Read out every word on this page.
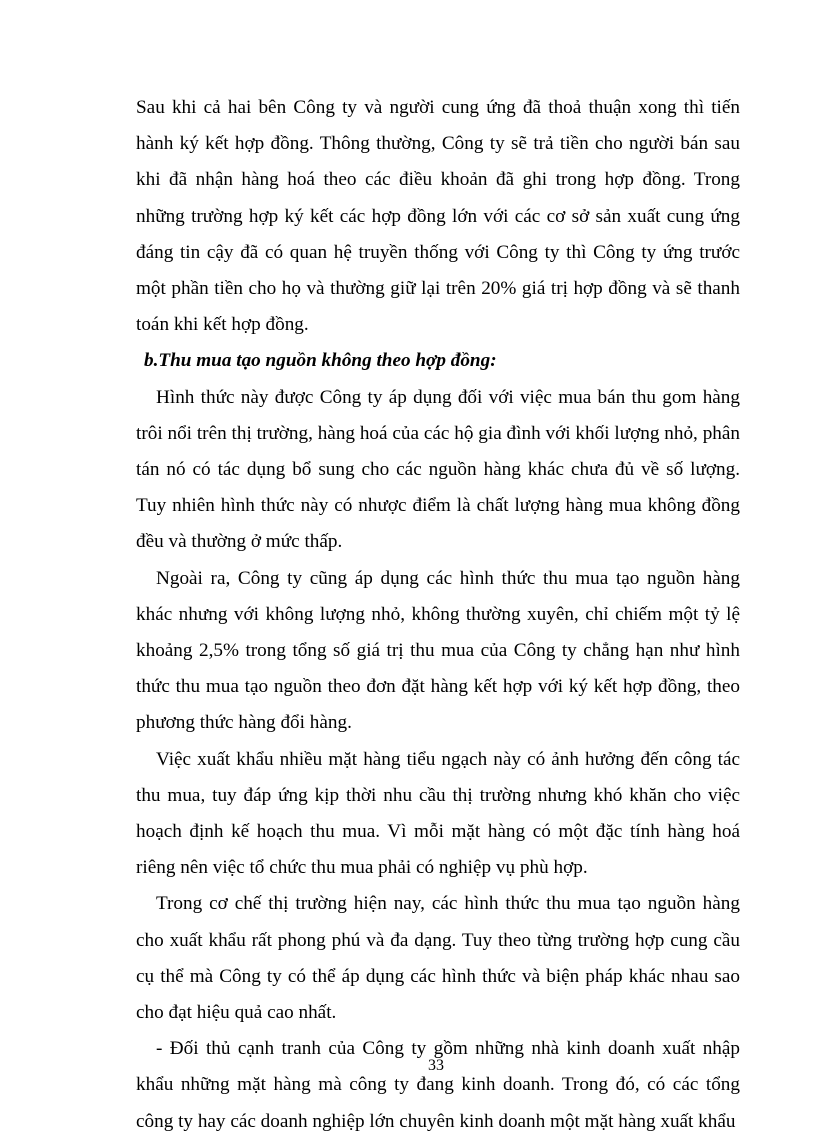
Sau khi cả hai bên Công ty và người cung ứng đã thoả thuận xong thì tiến hành ký kết hợp đồng. Thông thường, Công ty sẽ trả tiền cho người bán sau khi đã nhận hàng hoá theo các điều khoản đã ghi trong hợp đồng. Trong những trường hợp ký kết các hợp đồng lớn với các cơ sở sản xuất cung ứng đáng tin cậy đã có quan hệ truyền thống với Công ty thì Công ty ứng trước một phần tiền cho họ và thường giữ lại trên 20% giá trị hợp đồng và sẽ thanh toán khi kết hợp đồng.

b.Thu mua tạo nguồn không theo hợp đồng:

Hình thức này được Công ty áp dụng đối với việc mua bán thu gom hàng trôi nổi trên thị trường, hàng hoá của các hộ gia đình với khối lượng nhỏ, phân tán nó có tác dụng bổ sung cho các nguồn hàng khác chưa đủ về số lượng. Tuy nhiên hình thức này có nhược điểm là chất lượng hàng mua không đồng đều và thường ở mức thấp.

Ngoài ra, Công ty cũng áp dụng các hình thức thu mua tạo nguồn hàng khác nhưng với không lượng nhỏ, không thường xuyên, chỉ chiếm một tỷ lệ khoảng 2,5% trong tổng số giá trị thu mua của Công ty chẳng hạn như hình thức thu mua tạo nguồn theo đơn đặt hàng kết hợp với ký kết hợp đồng, theo phương thức hàng đổi hàng.

Việc xuất khẩu nhiều mặt hàng tiểu ngạch này có ảnh hưởng đến công tác thu mua, tuy đáp ứng kịp thời nhu cầu thị trường nhưng khó khăn cho việc hoạch định kế hoạch thu mua. Vì mỗi mặt hàng có một đặc tính hàng hoá riêng nên việc tổ chức thu mua phải có nghiệp vụ phù hợp.

Trong cơ chế thị trường hiện nay, các hình thức thu mua tạo nguồn hàng cho xuất khẩu rất phong phú và đa dạng. Tuy theo từng trường hợp cung cầu cụ thể mà Công ty có thể áp dụng các hình thức và biện pháp khác nhau sao cho đạt hiệu quả cao nhất.

- Đối thủ cạnh tranh của Công ty gồm những nhà kinh doanh xuất nhập khẩu những mặt hàng mà công ty đang kinh doanh. Trong đó, có các tổng công ty hay các doanh nghiệp lớn chuyên kinh doanh một mặt hàng xuất khẩu

33
